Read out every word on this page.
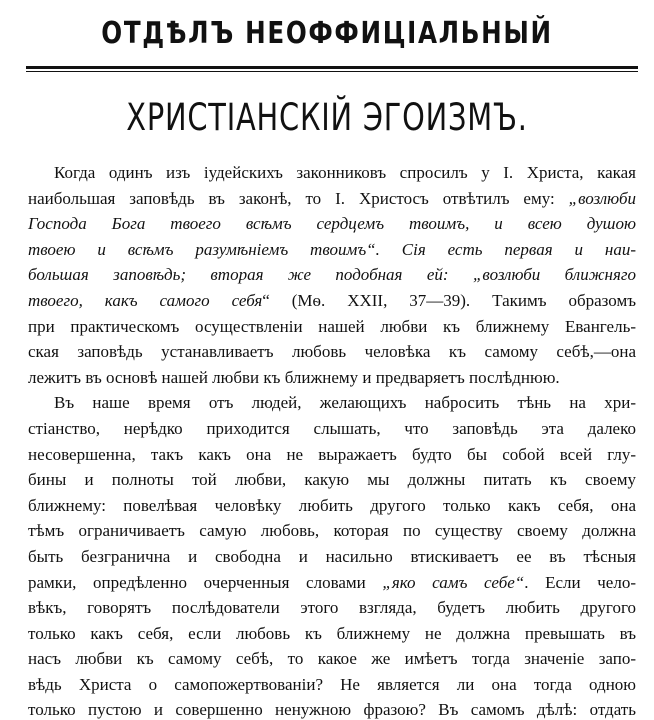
ОТДѢЛЪ НЕОФФИЦІАЛЬНЫЙ
ХРИСТІАНСКІЙ ЭГОИЗМЪ.
Когда одинъ изъ іудейскихъ законниковъ спросилъ у І. Христа, какая
наибольшая заповѣдь въ законѣ, то І. Христосъ отвѣтилъ ему: „возлюби
Господа Бога твоего всѣмъ сердцемъ твоимъ, и всею душою
твоею и всѣмъ разумѣніемъ твоимъ“. Сія есть первая и наи-
большая заповѣдь; вторая же подобная ей: „возлюби ближняго
твоего, какъ самого себя“ (Мѳ. XXII, 37—39). Такимъ образомъ
при практическомъ осуществленіи нашей любви къ ближнему Евангель-
ская заповѣдь устанавливаетъ любовь человѣка къ самому себѣ,—она
лежитъ въ основѣ нашей любви къ ближнему и предваряетъ послѣднюю.
Въ наше время отъ людей, желающихъ набросить тѣнь на хри-
стіанство, нерѣдко приходится слышать, что заповѣдь эта далеко
несовершенна, такъ какъ она не выражаетъ будто бы собой всей глу-
бины и полноты той любви, какую мы должны питать къ своему
ближнему: повелѣвая человѣку любить другого только какъ себя, она
тѣмъ ограничиваетъ самую любовь, которая по существу своему должна
быть безгранична и свободна и насильно втискиваетъ ее въ тѣсныя
рамки, опредѣленно очерченныя словами „яко самъ себе“. Если чело-
вѣкъ, говорятъ послѣдователи этого взгляда, будетъ любить другого
только какъ себя, если любовь къ ближнему не должна превышать въ
насъ любви къ самому себѣ, то какое же имѣетъ тогда значеніе запо-
вѣдь Христа о самопожертвованіи? Не является ли она тогда одною
только пустою и совершенно ненужною фразою? Въ самомъ дѣлѣ: отдать
